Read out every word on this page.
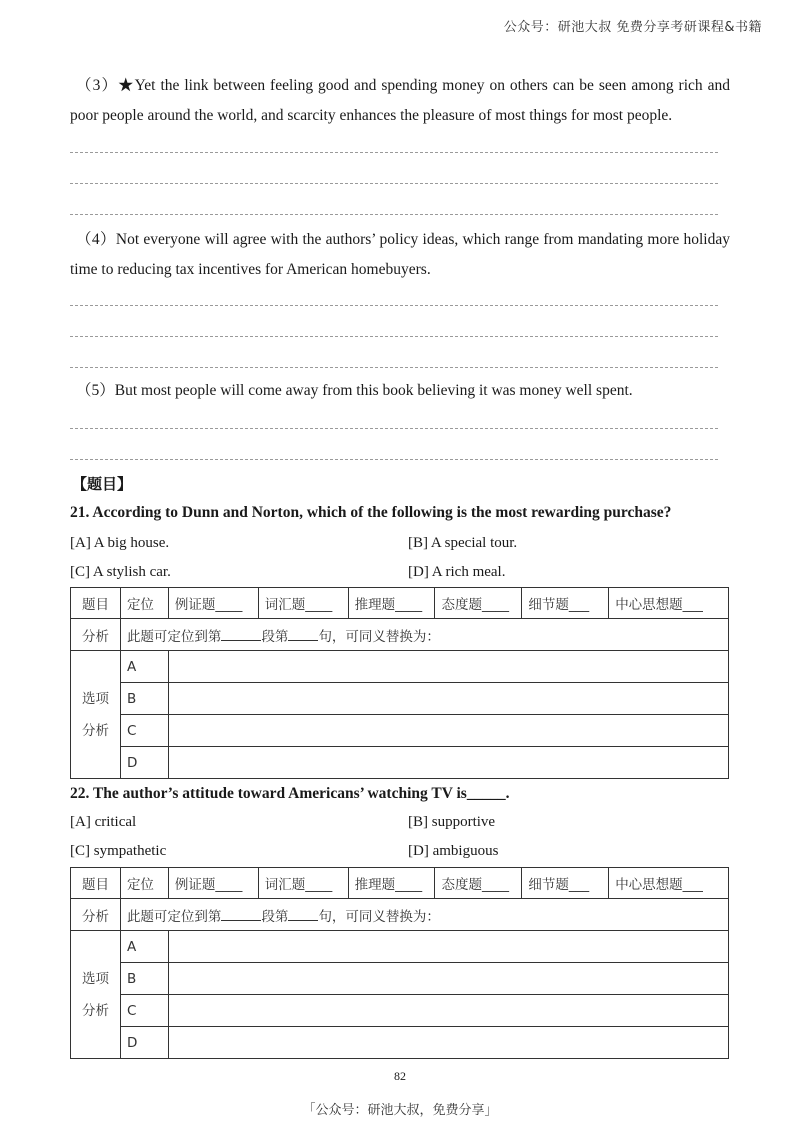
公众号：研池大叔 免费分享考研课程&书籍
（3）★Yet the link between feeling good and spending money on others can be seen among rich and poor people around the world, and scarcity enhances the pleasure of most things for most people.
（4）Not everyone will agree with the authors’ policy ideas, which range from mandating more holiday time to reducing tax incentives for American homebuyers.
（5）But most people will come away from this book believing it was money well spent.
【题目】
21. According to Dunn and Norton, which of the following is the most rewarding purchase?
[A] A big house.	[B] A special tour.
[C] A stylish car.	[D] A rich meal.
题目	定位	例证题____	词汇题____	推理题____	态度题____	细节题___	中心思想题___
分析	此题可定位到第 段第 句，可同义替换为：						
选项
分析	A						
	B						
	C						
	D						
22. The author’s attitude toward Americans’ watching TV is_____.
[A] critical	[B] supportive
[C] sympathetic	[D] ambiguous
题目	定位	例证题____	词汇题____	推理题____	态度题____	细节题___	中心思想题___
分析	此题可定位到第 段第 句，可同义替换为：						
选项
分析	A						
	B						
	C						
	D						
82
「公众号：研池大叔，免费分享」
